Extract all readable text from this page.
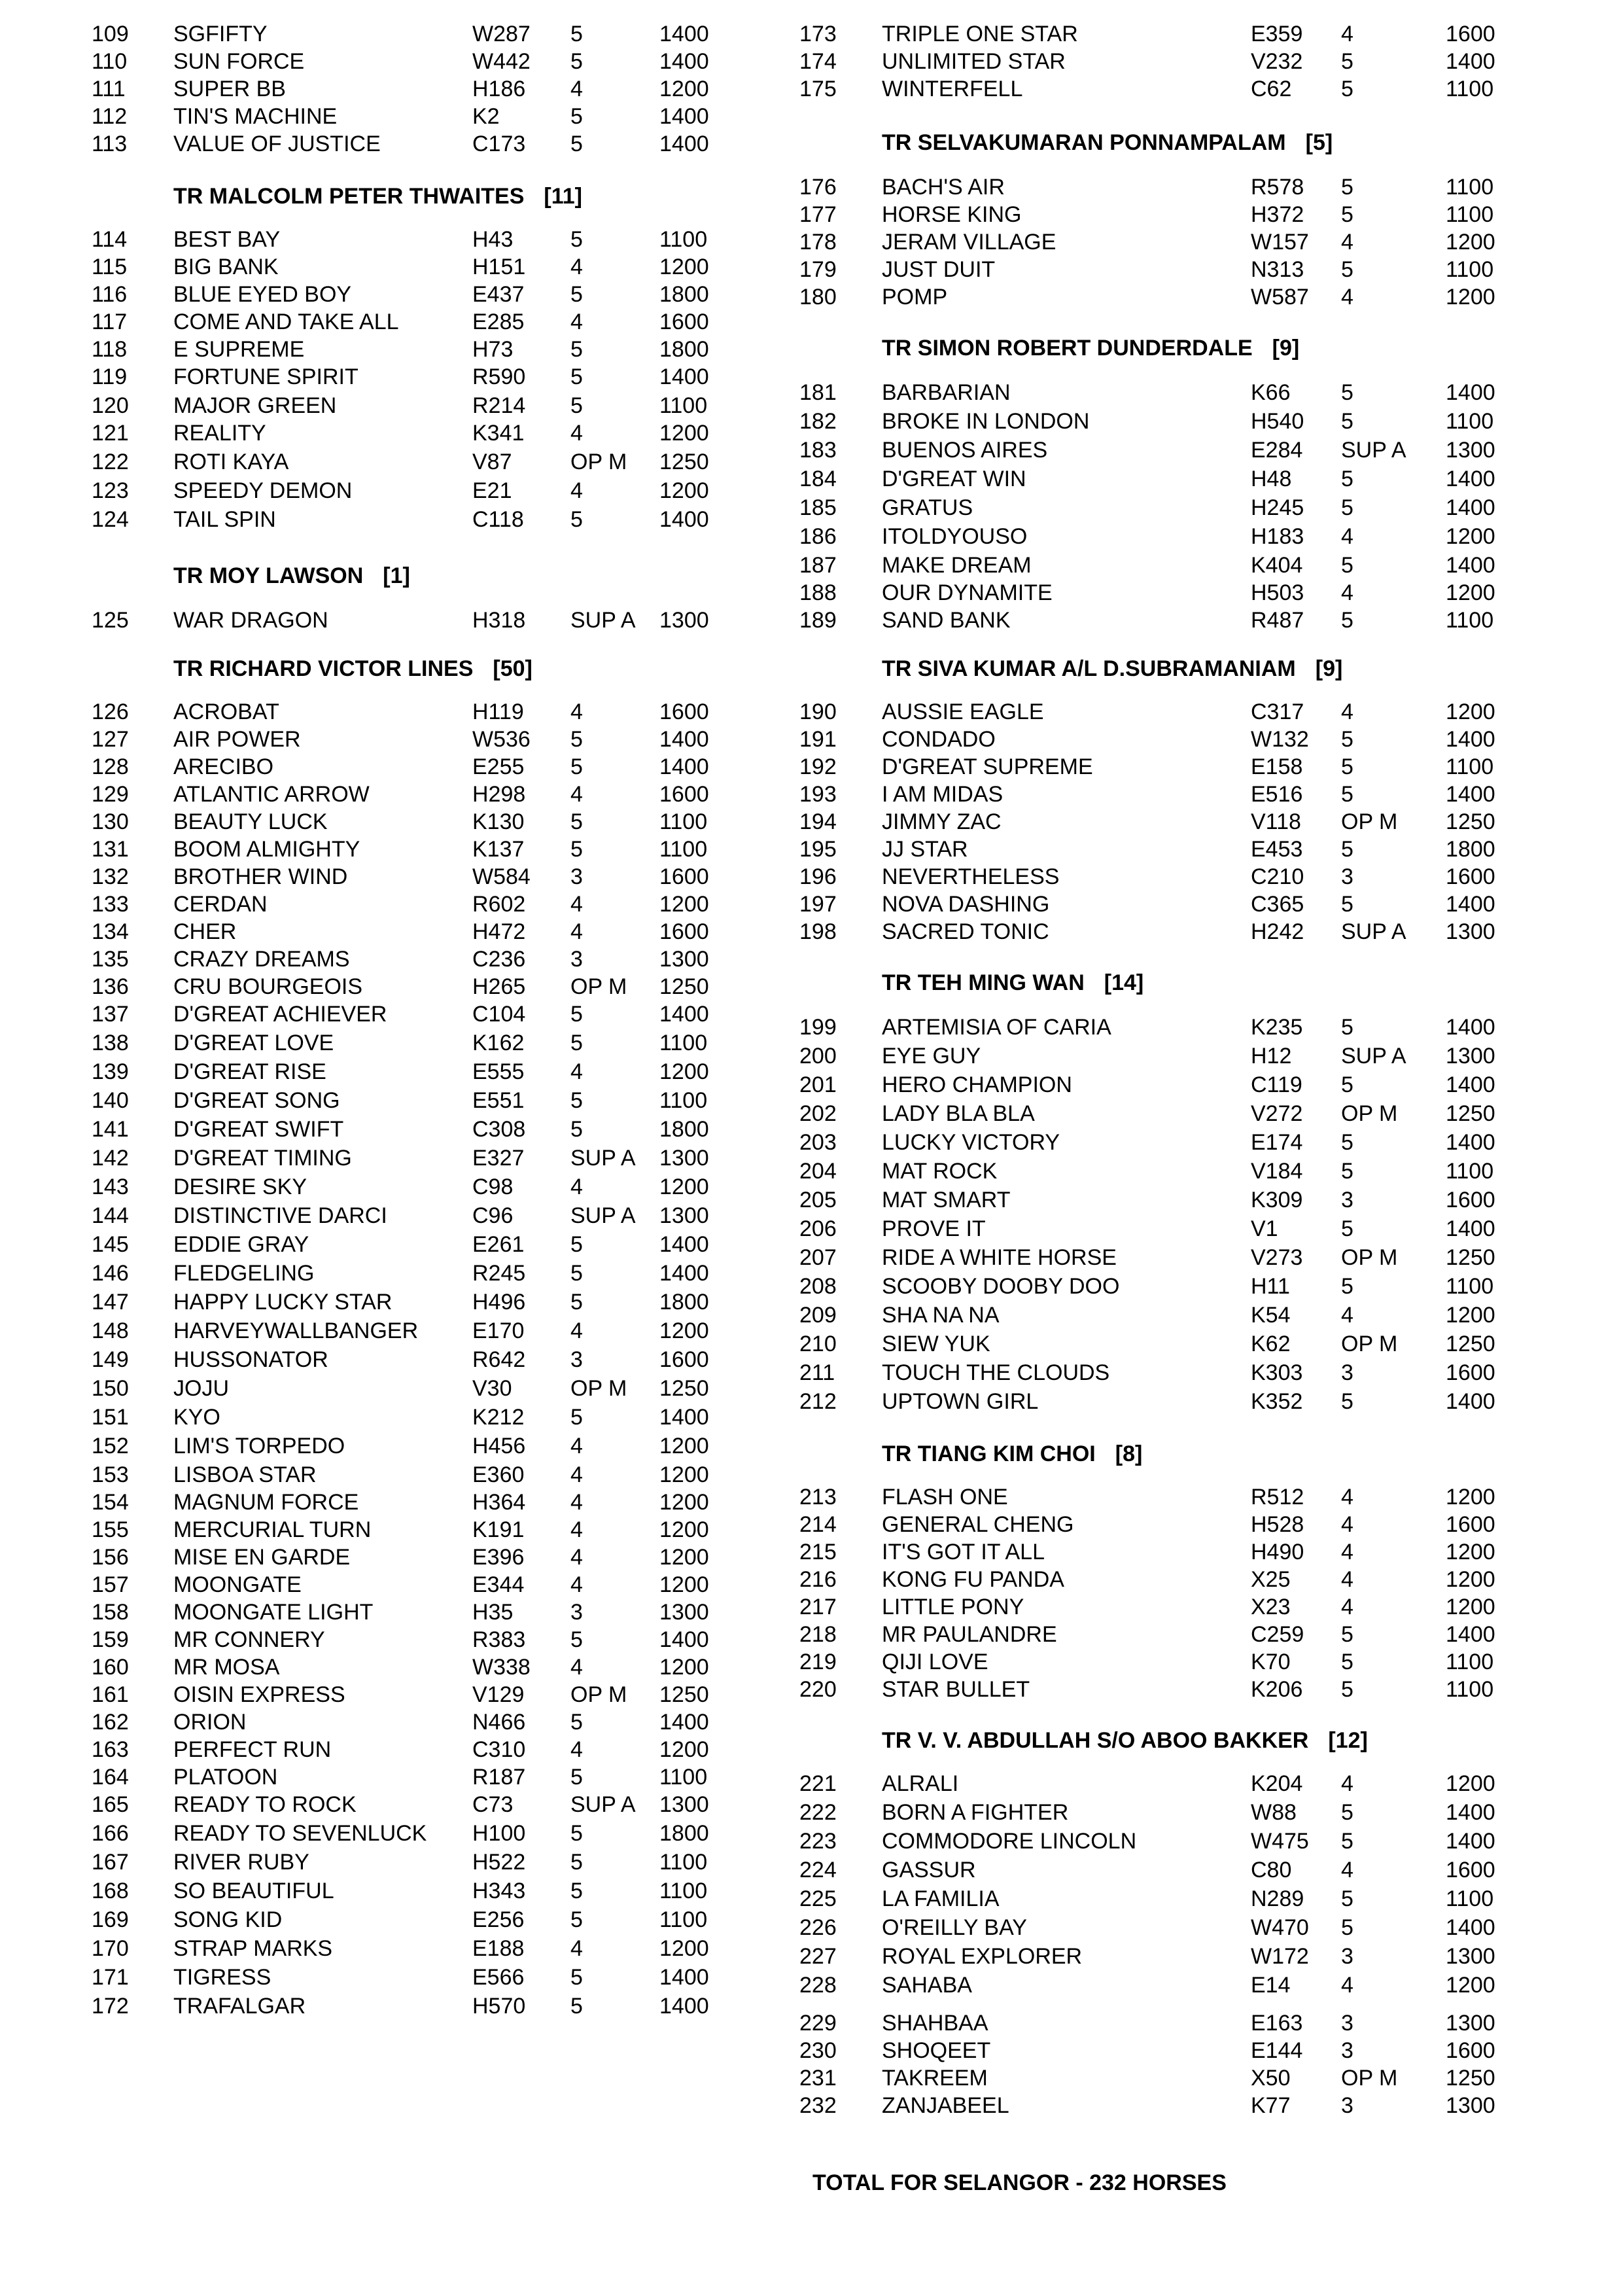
109 SGFIFTY	W287 5	1400
110 SUN FORCE	W442 5	1400
111 SUPER BB	H186 4	1200
112 TIN'S MACHINE	K2	5	1400
113 VALUE OF JUSTICE	C173 5	1400
TR MALCOLM PETER THWAITES [11]
114 BEST BAY	H43	5	1100
115 BIG BANK	H151 4	1200
116 BLUE EYED BOY	E437 5	1800
117 COME AND TAKE ALL	E285 4	1600
118 E SUPREME	H73	5	1800
119 FORTUNE SPIRIT	R590 5	1400
120 MAJOR GREEN	R214 5	1100
121 REALITY	K341 4	1200
122 ROTI KAYA	V87	OP M 1250
123 SPEEDY DEMON	E21	4	1200
124 TAIL SPIN	C118 5	1400
TR MOY LAWSON [1]
125 WAR DRAGON	H318 SUP A 1300
TR RICHARD VICTOR LINES [50]
126 ACROBAT	H119 4	1600
127 AIR POWER	W536 5	1400
128 ARECIBO	E255 5	1400
129 ATLANTIC ARROW	H298 4	1600
130 BEAUTY LUCK	K130 5	1100
131 BOOM ALMIGHTY	K137 5	1100
132 BROTHER WIND	W584 3	1600
133 CERDAN	R602 4	1200
134 CHER	H472 4	1600
135 CRAZY DREAMS	C236 3	1300
136 CRU BOURGEOIS	H265 OP M 1250
137 D'GREAT ACHIEVER	C104 5	1400
138 D'GREAT LOVE	K162 5	1100
139 D'GREAT RISE	E555 4	1200
140 D'GREAT SONG	E551 5	1100
141 D'GREAT SWIFT	C308 5	1800
142 D'GREAT TIMING	E327 SUP A 1300
143 DESIRE SKY	C98	4	1200
144 DISTINCTIVE DARCI	C96	SUP A 1300
145 EDDIE GRAY	E261 5	1400
146 FLEDGELING	R245 5	1400
147 HAPPY LUCKY STAR	H496 5	1800
148 HARVEYWALLBANGER E170 4	1200
149 HUSSONATOR	R642 3	1600
150 JOJU	V30	OP M 1250
151 KYO	K212 5	1400
152 LIM'S TORPEDO	H456 4	1200
153 LISBOA STAR	E360 4	1200
154 MAGNUM FORCE	H364 4	1200
155 MERCURIAL TURN	K191 4	1200
156 MISE EN GARDE	E396 4	1200
157 MOONGATE	E344 4	1200
158 MOONGATE LIGHT	H35	3	1300
159 MR CONNERY	R383 5	1400
160 MR MOSA	W338 4	1200
161 OISIN EXPRESS	V129 OP M 1250
162 ORION	N466 5	1400
163 PERFECT RUN	C310 4	1200
164 PLATOON	R187 5	1100
165 READY TO ROCK	C73	SUP A 1300
166 READY TO SEVENLUCK H100 5	1800
167 RIVER RUBY	H522 5	1100
168 SO BEAUTIFUL	H343 5	1100
169 SONG KID	E256 5	1100
170 STRAP MARKS	E188 4	1200
171 TIGRESS	E566 5	1400
172 TRAFALGAR	H570 5	1400
173 TRIPLE ONE STAR	E359 4	1600
174 UNLIMITED STAR	V232 5	1400
175 WINTERFELL	C62 5	1100
TR SELVAKUMARAN PONNAMPALAM [5]
176 BACH'S AIR	R578 5	1100
177 HORSE KING	H372 5	1100
178 JERAM VILLAGE	W157 4	1200
179 JUST DUIT	N313 5	1100
180 POMP	W587 4	1200
TR SIMON ROBERT DUNDERDALE [9]
181 BARBARIAN	K66 5	1400
182 BROKE IN LONDON	H540 5	1100
183 BUENOS AIRES	E284 SUP A 1300
184 D'GREAT WIN	H48 5	1400
185 GRATUS	H245 5	1400
186 ITOLDYOUSO	H183 4	1200
187 MAKE DREAM	K404 5	1400
188 OUR DYNAMITE	H503 4	1200
189 SAND BANK	R487 5	1100
TR SIVA KUMAR A/L D.SUBRAMANIAM [9]
190 AUSSIE EAGLE	C317 4	1200
191 CONDADO	W132 5	1400
192 D'GREAT SUPREME	E158 5	1100
193 I AM MIDAS	E516 5	1400
194 JIMMY ZAC	V118 OP M 1250
195 JJ STAR	E453 5	1800
196 NEVERTHELESS	C210 3	1600
197 NOVA DASHING	C365 5	1400
198 SACRED TONIC	H242 SUP A 1300
TR TEH MING WAN [14]
199 ARTEMISIA OF CARIA	K235 5	1400
200 EYE GUY	H12 SUP A 1300
201 HERO CHAMPION	C119 5	1400
202 LADY BLA BLA	V272 OP M 1250
203 LUCKY VICTORY	E174 5	1400
204 MAT ROCK	V184 5	1100
205 MAT SMART	K309 3	1600
206 PROVE IT	V1	5	1400
207 RIDE A WHITE HORSE	V273 OP M 1250
208 SCOOBY DOOBY DOO	H11 5	1100
209 SHA NA NA	K54 4	1200
210 SIEW YUK	K62 OP M 1250
211 TOUCH THE CLOUDS	K303 3	1600
212 UPTOWN GIRL	K352 5	1400
TR TIANG KIM CHOI [8]
213 FLASH ONE	R512 4	1200
214 GENERAL CHENG	H528 4	1600
215 IT'S GOT IT ALL	H490 4	1200
216 KONG FU PANDA	X25 4	1200
217 LITTLE PONY	X23 4	1200
218 MR PAULANDRE	C259 5	1400
219 QIJI LOVE	K70 5	1100
220 STAR BULLET	K206 5	1100
TR V. V. ABDULLAH S/O ABOO BAKKER [12]
221 ALRALI	K204 4	1200
222 BORN A FIGHTER	W88 5	1400
223 COMMODORE LINCOLN	W475 5	1400
224 GASSUR	C80 4	1600
225 LA FAMILIA	N289 5	1100
226 O'REILLY BAY	W470 5	1400
227 ROYAL EXPLORER	W172 3	1300
228 SAHABA	E14 4	1200
229 SHAHBAA	E163 3	1300
230 SHOQEET	E144 3	1600
231 TAKREEM	X50 OP M 1250
232 ZANJABEEL	K77 3	1300
TOTAL FOR SELANGOR - 232 HORSES
